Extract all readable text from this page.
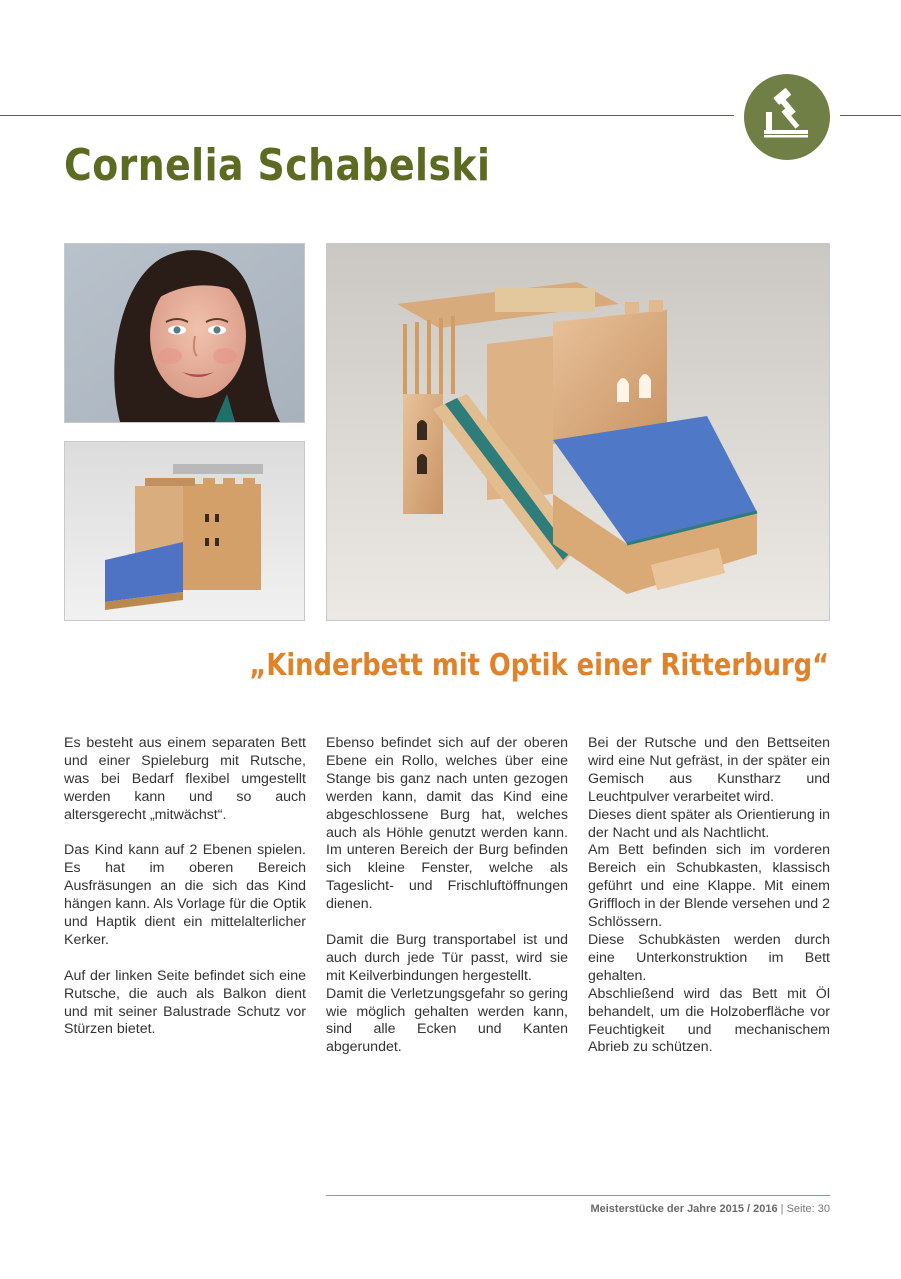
Cornelia Schabelski
„Kinderbett mit Optik einer Ritterburg“

Es besteht aus einem separaten Bett und einer Spieleburg mit Rutsche, was bei Bedarf flexibel umgestellt werden kann und so auch altersgerecht „mitwächst“.

Das Kind kann auf 2 Ebenen spielen. Es hat im oberen Bereich Ausfräsungen an die sich das Kind hängen kann. Als Vorlage für die Optik und Haptik dient ein mittelalterlicher Kerker.

Auf der linken Seite befindet sich eine Rutsche, die auch als Balkon dient und mit seiner Balustrade Schutz vor Stürzen bietet.

Ebenso befindet sich auf der oberen Ebene ein Rollo, welches über eine Stange bis ganz nach unten gezogen werden kann, damit das Kind eine abgeschlossene Burg hat, welches auch als Höhle genutzt werden kann. Im unteren Bereich der Burg befinden sich kleine Fenster, welche als Tageslicht- und Frischluftöffnungen dienen.

Damit die Burg transportabel ist und auch durch jede Tür passt, wird sie mit Keilverbindungen hergestellt.

Damit die Verletzungsgefahr so gering wie möglich gehalten werden kann, sind alle Ecken und Kanten abgerundet.

Bei der Rutsche und den Bettseiten wird eine Nut gefräst, in der später ein Gemisch aus Kunstharz und Leuchtpulver verarbeitet wird.

Dieses dient später als Orientierung in der Nacht und als Nachtlicht.

Am Bett befinden sich im vorderen Bereich ein Schubkasten, klassisch geführt und eine Klappe. Mit einem Griffloch in der Blende versehen und 2 Schlössern.

Diese Schubkästen werden durch eine Unterkonstruktion im Bett gehalten.

Abschließend wird das Bett mit Öl behandelt, um die Holzoberfläche vor Feuchtigkeit und mechanischem Abrieb zu schützen.

Meisterstücke der Jahre 2015 / 2016 | Seite: 30
